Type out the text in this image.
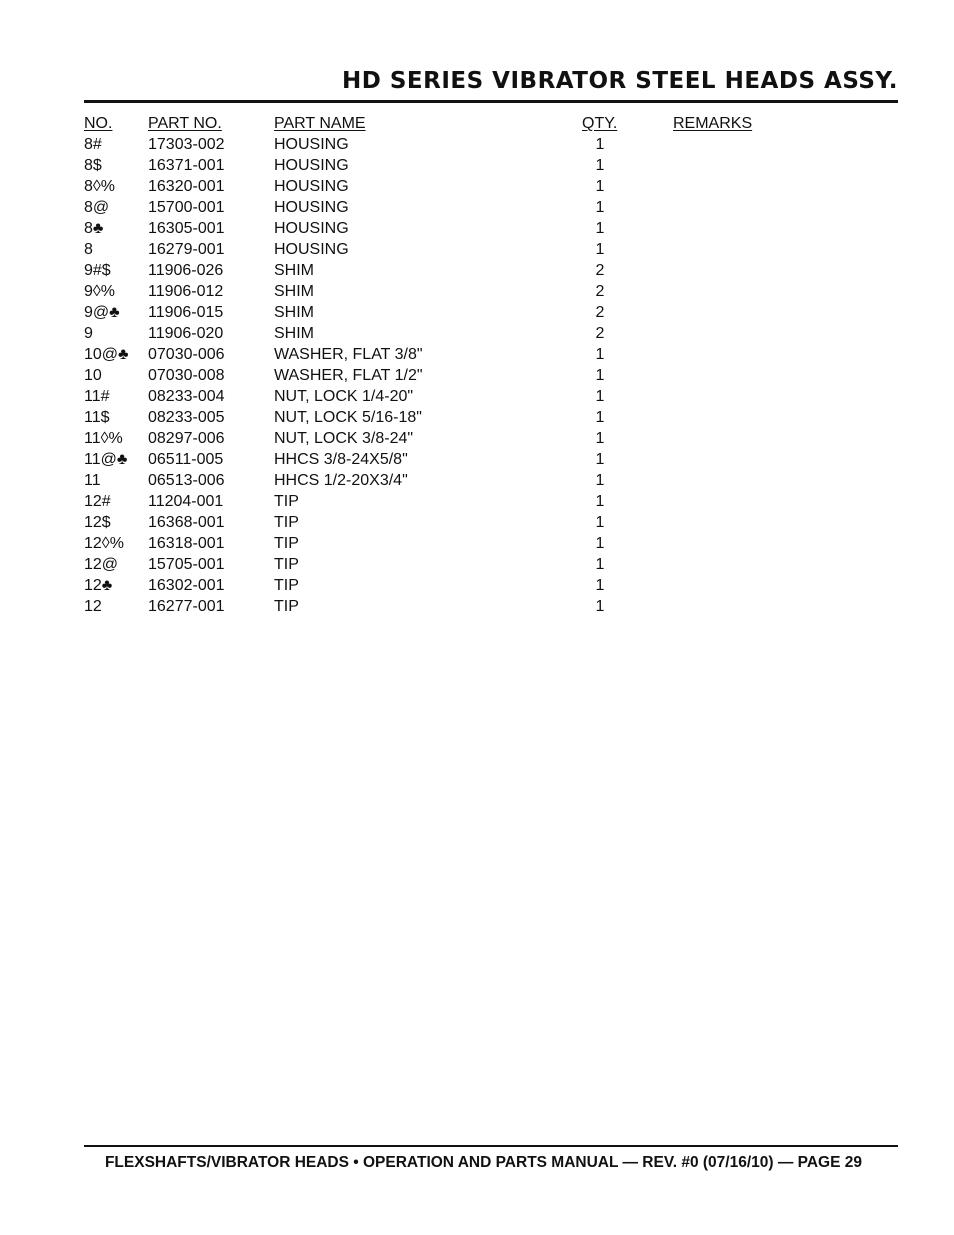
HD SERIES VIBRATOR STEEL HEADS ASSY.
NO. PART NO.	PART NAME	QTY.	REMARKS
8#	17303-002	HOUSING	1
8$	16371-001	HOUSING	1
8◊% 16320-001	HOUSING	1
8@ 15700-001	HOUSING	1
8♣	16305-001	HOUSING	1
8	16279-001	HOUSING	1
9#$ 11906-026	SHIM	2
9◊% 11906-012	SHIM	2
9@♣ 11906-015	SHIM	2
9	11906-020	SHIM	2
10@♣ 07030-006	WASHER, FLAT 3/8"	1
10	07030-008	WASHER, FLAT 1/2"	1
11# 08233-004	NUT, LOCK 1/4-20"	1
11$ 08233-005	NUT, LOCK 5/16-18"	1
11◊% 08297-006	NUT, LOCK 3/8-24"	1
11@♣ 06511-005	HHCS 3/8-24X5/8"	1
11	06513-006	HHCS 1/2-20X3/4"	1
12# 11204-001	TIP	1
12$ 16368-001	TIP	1
12◊% 16318-001	TIP	1
12@ 15705-001	TIP	1
12♣ 16302-001	TIP	1
12	16277-001	TIP	1
FLEXSHAFTS/VIBRATOR HEADS • OPERATION AND PARTS MANUAL — REV. #0 (07/16/10) — PAGE 29
